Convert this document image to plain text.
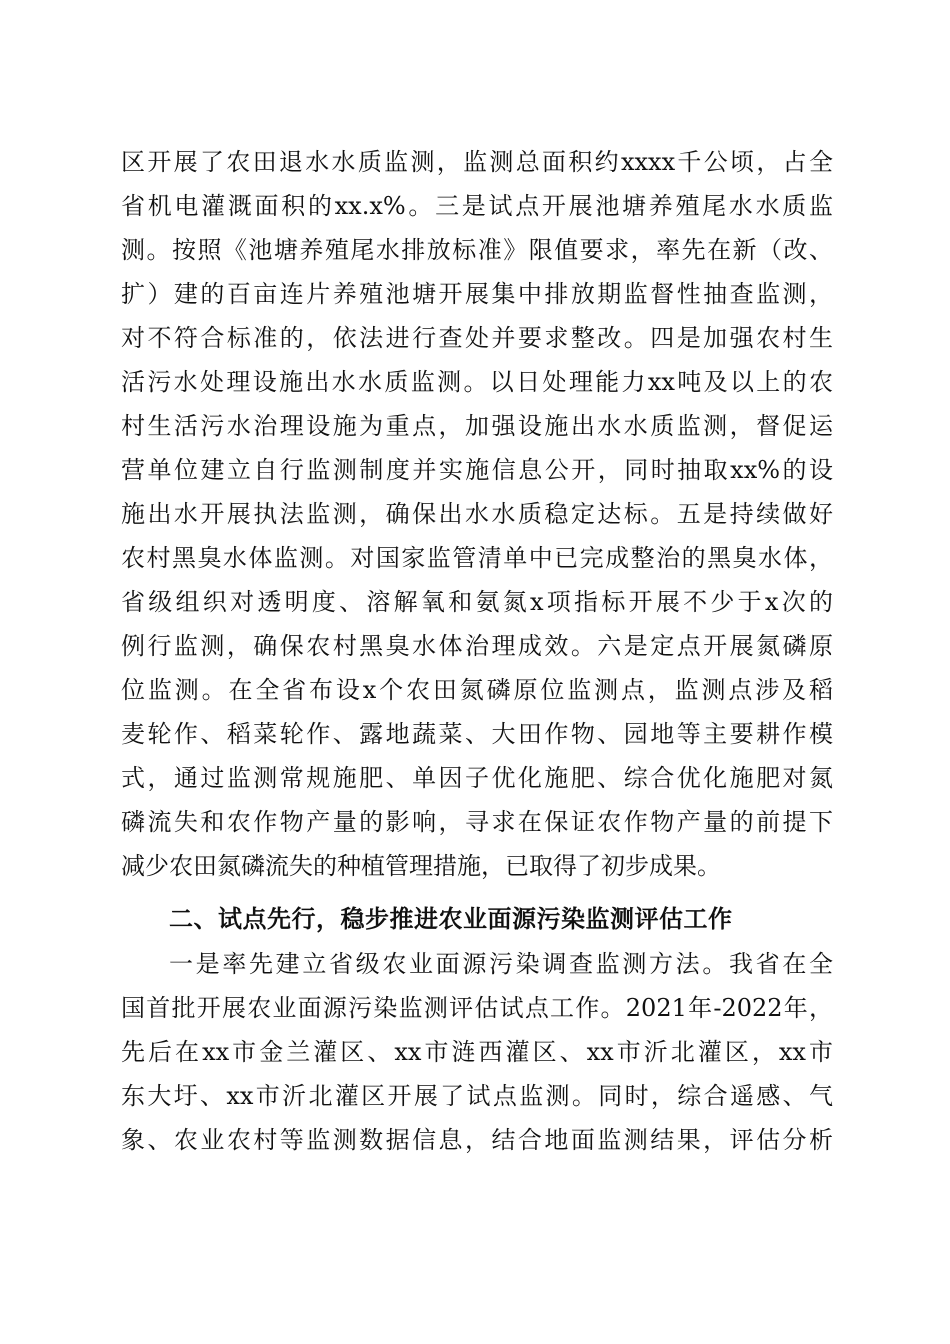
区开展了农田退水水质监测，监测总面积约xxxx千公顷，占全
省机电灌溉面积的xx.x%。三是试点开展池塘养殖尾水水质监
测。按照《池塘养殖尾水排放标准》限值要求，率先在新（改、
扩）建的百亩连片养殖池塘开展集中排放期监督性抽查监测，
对不符合标准的，依法进行查处并要求整改。四是加强农村生
活污水处理设施出水水质监测。以日处理能力xx吨及以上的农
村生活污水治理设施为重点，加强设施出水水质监测，督促运
营单位建立自行监测制度并实施信息公开，同时抽取xx%的设
施出水开展执法监测，确保出水水质稳定达标。五是持续做好
农村黑臭水体监测。对国家监管清单中已完成整治的黑臭水体，
省级组织对透明度、溶解氧和氨氮x项指标开展不少于x次的
例行监测，确保农村黑臭水体治理成效。六是定点开展氮磷原
位监测。在全省布设x个农田氮磷原位监测点，监测点涉及稻
麦轮作、稻菜轮作、露地蔬菜、大田作物、园地等主要耕作模
式，通过监测常规施肥、单因子优化施肥、综合优化施肥对氮
磷流失和农作物产量的影响，寻求在保证农作物产量的前提下
减少农田氮磷流失的种植管理措施，已取得了初步成果。
二、试点先行，稳步推进农业面源污染监测评估工作
一是率先建立省级农业面源污染调查监测方法。我省在全
国首批开展农业面源污染监测评估试点工作。2021年-2022年，
先后在xx市金兰灌区、xx市涟西灌区、xx市沂北灌区，xx市
东大圩、xx市沂北灌区开展了试点监测。同时，综合遥感、气
象、农业农村等监测数据信息，结合地面监测结果，评估分析
